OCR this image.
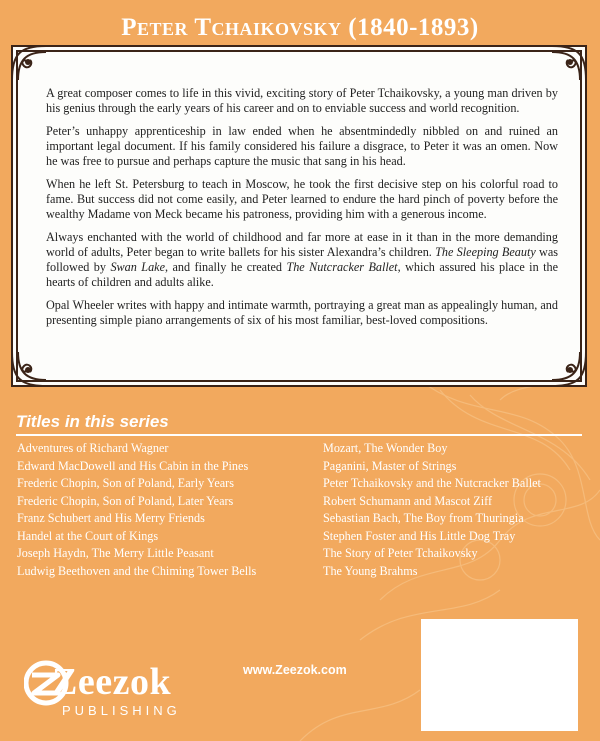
Peter Tchaikovsky (1840-1893)

A great composer comes to life in this vivid, exciting story of Peter Tchaikovsky, a young man driven by his genius through the early years of his career and on to enviable success and world recognition.

Peter’s unhappy apprenticeship in law ended when he absentmindedly nibbled on and ruined an important legal document. If his family considered his failure a disgrace, to Peter it was an omen. Now he was free to pursue and perhaps capture the music that sang in his head.

When he left St. Petersburg to teach in Moscow, he took the first decisive step on his colorful road to fame. But success did not come easily, and Peter learned to endure the hard pinch of poverty before the wealthy Madame von Meck became his patroness, providing him with a generous income.

Always enchanted with the world of childhood and far more at ease in it than in the more demanding world of adults, Peter began to write ballets for his sister Alexandra’s children. The Sleeping Beauty was followed by Swan Lake, and finally he created The Nutcracker Ballet, which assured his place in the hearts of children and adults alike.

Opal Wheeler writes with happy and intimate warmth, portraying a great man as appealingly human, and presenting simple piano arrangements of six of his most familiar, best-loved compositions.

Titles in this series
Adventures of Richard Wagner
Edward MacDowell and His Cabin in the Pines
Frederic Chopin, Son of Poland, Early Years
Frederic Chopin, Son of Poland, Later Years
Franz Schubert and His Merry Friends
Handel at the Court of Kings
Joseph Haydn, The Merry Little Peasant
Ludwig Beethoven and the Chiming Tower Bells
Mozart, The Wonder Boy
Paganini, Master of Strings
Peter Tchaikovsky and the Nutcracker Ballet
Robert Schumann and Mascot Ziff
Sebastian Bach, The Boy from Thuringia
Stephen Foster and His Little Dog Tray
The Story of Peter Tchaikovsky
The Young Brahms
Zeezok
PUBLISHING
www.Zeezok.com
